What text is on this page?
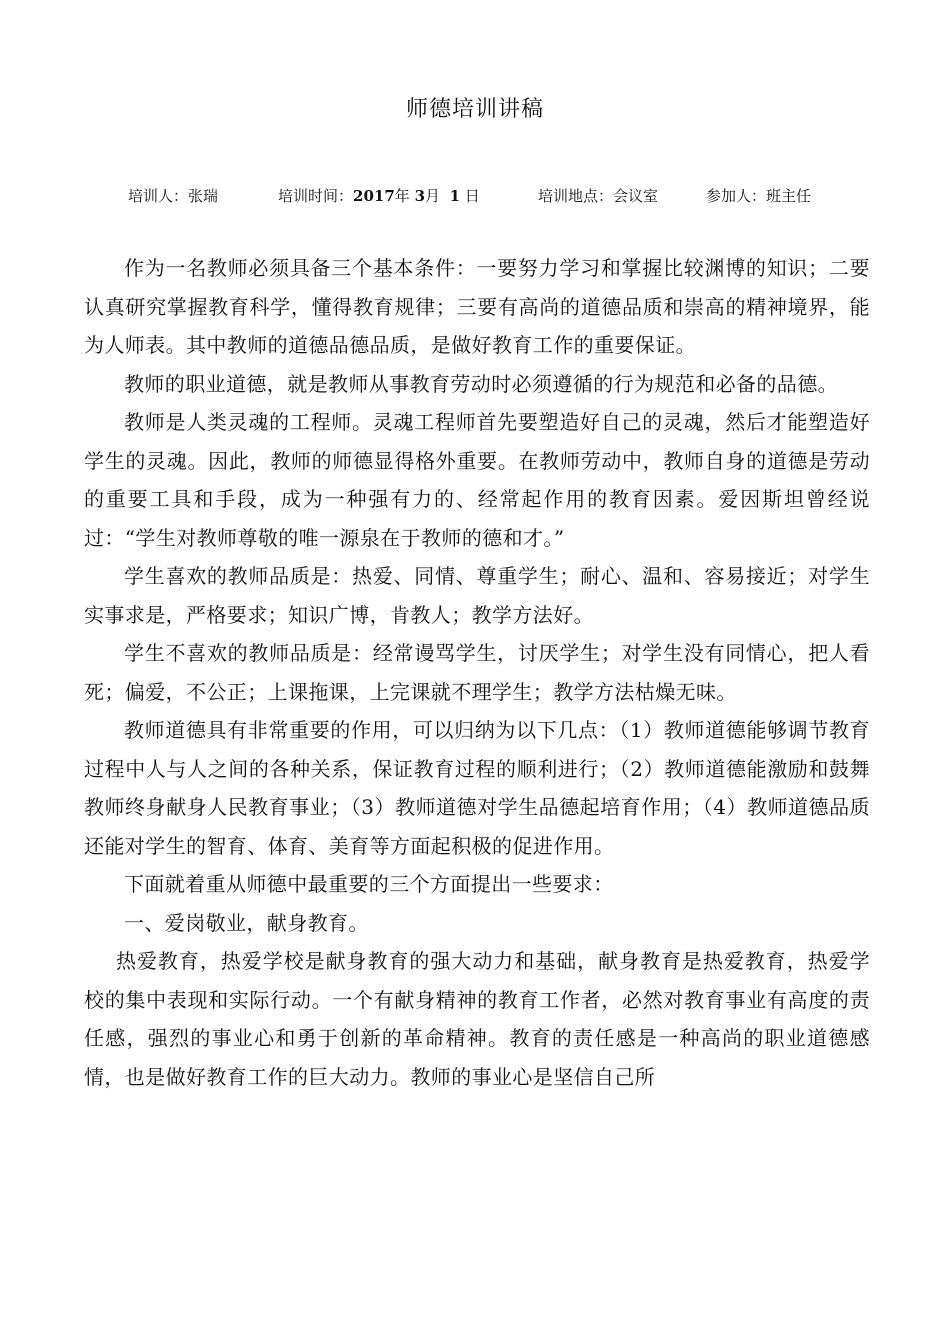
师德培训讲稿
培训人：张瑞	培训时间：2017年 3月 1 日	培训地点：会议室	参加人：班主任

作为一名教师必须具备三个基本条件：一要努力学习和掌握比较渊博的知识；二要认真研究掌握教育科学，懂得教育规律；三要有高尚的道德品质和崇高的精神境界，能为人师表。其中教师的道德品德品质，是做好教育工作的重要保证。

教师的职业道德，就是教师从事教育劳动时必须遵循的行为规范和必备的品德。

教师是人类灵魂的工程师。灵魂工程师首先要塑造好自己的灵魂，然后才能塑造好学生的灵魂。因此，教师的师德显得格外重要。在教师劳动中，教师自身的道德是劳动的重要工具和手段，成为一种强有力的、经常起作用的教育因素。爱因斯坦曾经说过：“学生对教师尊敬的唯一源泉在于教师的德和才。”

学生喜欢的教师品质是：热爱、同情、尊重学生；耐心、温和、容易接近；对学生实事求是，严格要求；知识广博，肯教人；教学方法好。

学生不喜欢的教师品质是：经常谩骂学生，讨厌学生；对学生没有同情心，把人看死；偏爱，不公正；上课拖课，上完课就不理学生；教学方法枯燥无味。

教师道德具有非常重要的作用，可以归纳为以下几点：（1）教师道德能够调节教育过程中人与人之间的各种关系，保证教育过程的顺利进行；（2）教师道德能激励和鼓舞教师终身献身人民教育事业；（3）教师道德对学生品德起培育作用；（4）教师道德品质还能对学生的智育、体育、美育等方面起积极的促进作用。

下面就着重从师德中最重要的三个方面提出一些要求：

一、爱岗敬业，献身教育。

热爱教育，热爱学校是献身教育的强大动力和基础，献身教育是热爱教育，热爱学校的集中表现和实际行动。一个有献身精神的教育工作者，必然对教育事业有高度的责任感，强烈的事业心和勇于创新的革命精神。教育的责任感是一种高尚的职业道德感情，也是做好教育工作的巨大动力。教师的事业心是坚信自己所
